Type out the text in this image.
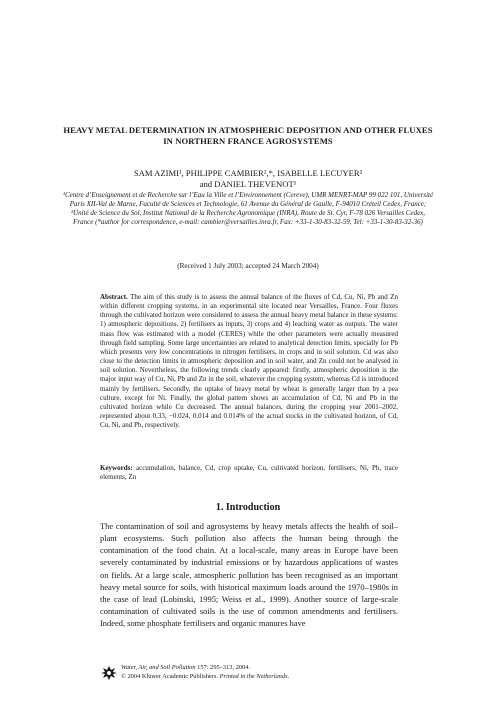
HEAVY METAL DETERMINATION IN ATMOSPHERIC DEPOSITION AND OTHER FLUXES IN NORTHERN FRANCE AGROSYSTEMS
SAM AZIMI¹, PHILIPPE CAMBIER²,*, ISABELLE LECUYER²
and DANIEL THEVENOT¹
¹Centre d’Enseignement et de Recherche sur l’Eau la Ville et l’Environnement (Cereve), UMR MENRT-MAP 99 022 101, Université Paris XII-Val de Marne, Faculté de Sciences et Technologie, 61 Avenue du Général de Gaulle, F-94010 Créteil Cedex, France; ²Unité de Science du Sol, Institut National de la Recherche Agronomique (INRA), Route de St. Cyr, F-78 026 Versailles Cedex, France (*author for correspondence, e-mail: cambier@versailles.inra.fr, Fax: +33-1-30-83-32-59, Tel: +33-1-30-83-32-36)
(Received 1 July 2003; accepted 24 March 2004)
Abstract. The aim of this study is to assess the annual balance of the fluxes of Cd, Cu, Ni, Pb and Zn within different cropping systems, in an experimental site located near Versailles, France. Four fluxes through the cultivated horizon were considered to assess the annual heavy metal balance in these systems: 1) atmospheric depositions, 2) fertilisers as inputs, 3) crops and 4) leaching water as outputs. The water mass flow was estimated with a model (CERES) while the other parameters were actually measured through field sampling. Some large uncertainties are related to analytical detection limits, specially for Pb which presents very low concentrations in nitrogen fertilisers, in crops and in soil solution. Cd was also close to the detection limits in atmospheric deposition and in soil water, and Zn could not be analysed in soil solution. Nevertheless, the following trends clearly appeared: firstly, atmospheric deposition is the major input way of Cu, Ni, Pb and Zn in the soil, whatever the cropping system, whereas Cd is introduced mainly by fertilisers. Secondly, the uptake of heavy metal by wheat is generally larger than by a pea culture, except for Ni. Finally, the global pattern shows an accumulation of Cd, Ni and Pb in the cultivated horizon while Cu decreased. The annual balances, during the cropping year 2001–2002, represented about 0.33, −0.024, 0.014 and 0.014% of the actual stocks in the cultivated horizon, of Cd, Cu, Ni, and Pb, respectively.
Keywords: accumulation, balance, Cd, crop uptake, Cu, cultivated horizon, fertilisers, Ni, Pb, trace elements, Zn
1. Introduction
The contamination of soil and agrosystems by heavy metals affects the health of soil–plant ecosystems. Such pollution also affects the human being through the contamination of the food chain. At a local-scale, many areas in Europe have been severely contaminated by industrial emissions or by hazardous applications of wastes on fields. At a large scale, atmospheric pollution has been recognised as an important heavy metal source for soils, with historical maximum loads around the 1970–1980s in the case of lead (Lobinski, 1995; Weiss et al., 1999). Another source of large-scale contamination of cultivated soils is the use of common amendments and fertilisers. Indeed, some phosphate fertilisers and organic manures have
Water, Air, and Soil Pollution 157: 295–313, 2004.
© 2004 Kluwer Academic Publishers. Printed in the Netherlands.
